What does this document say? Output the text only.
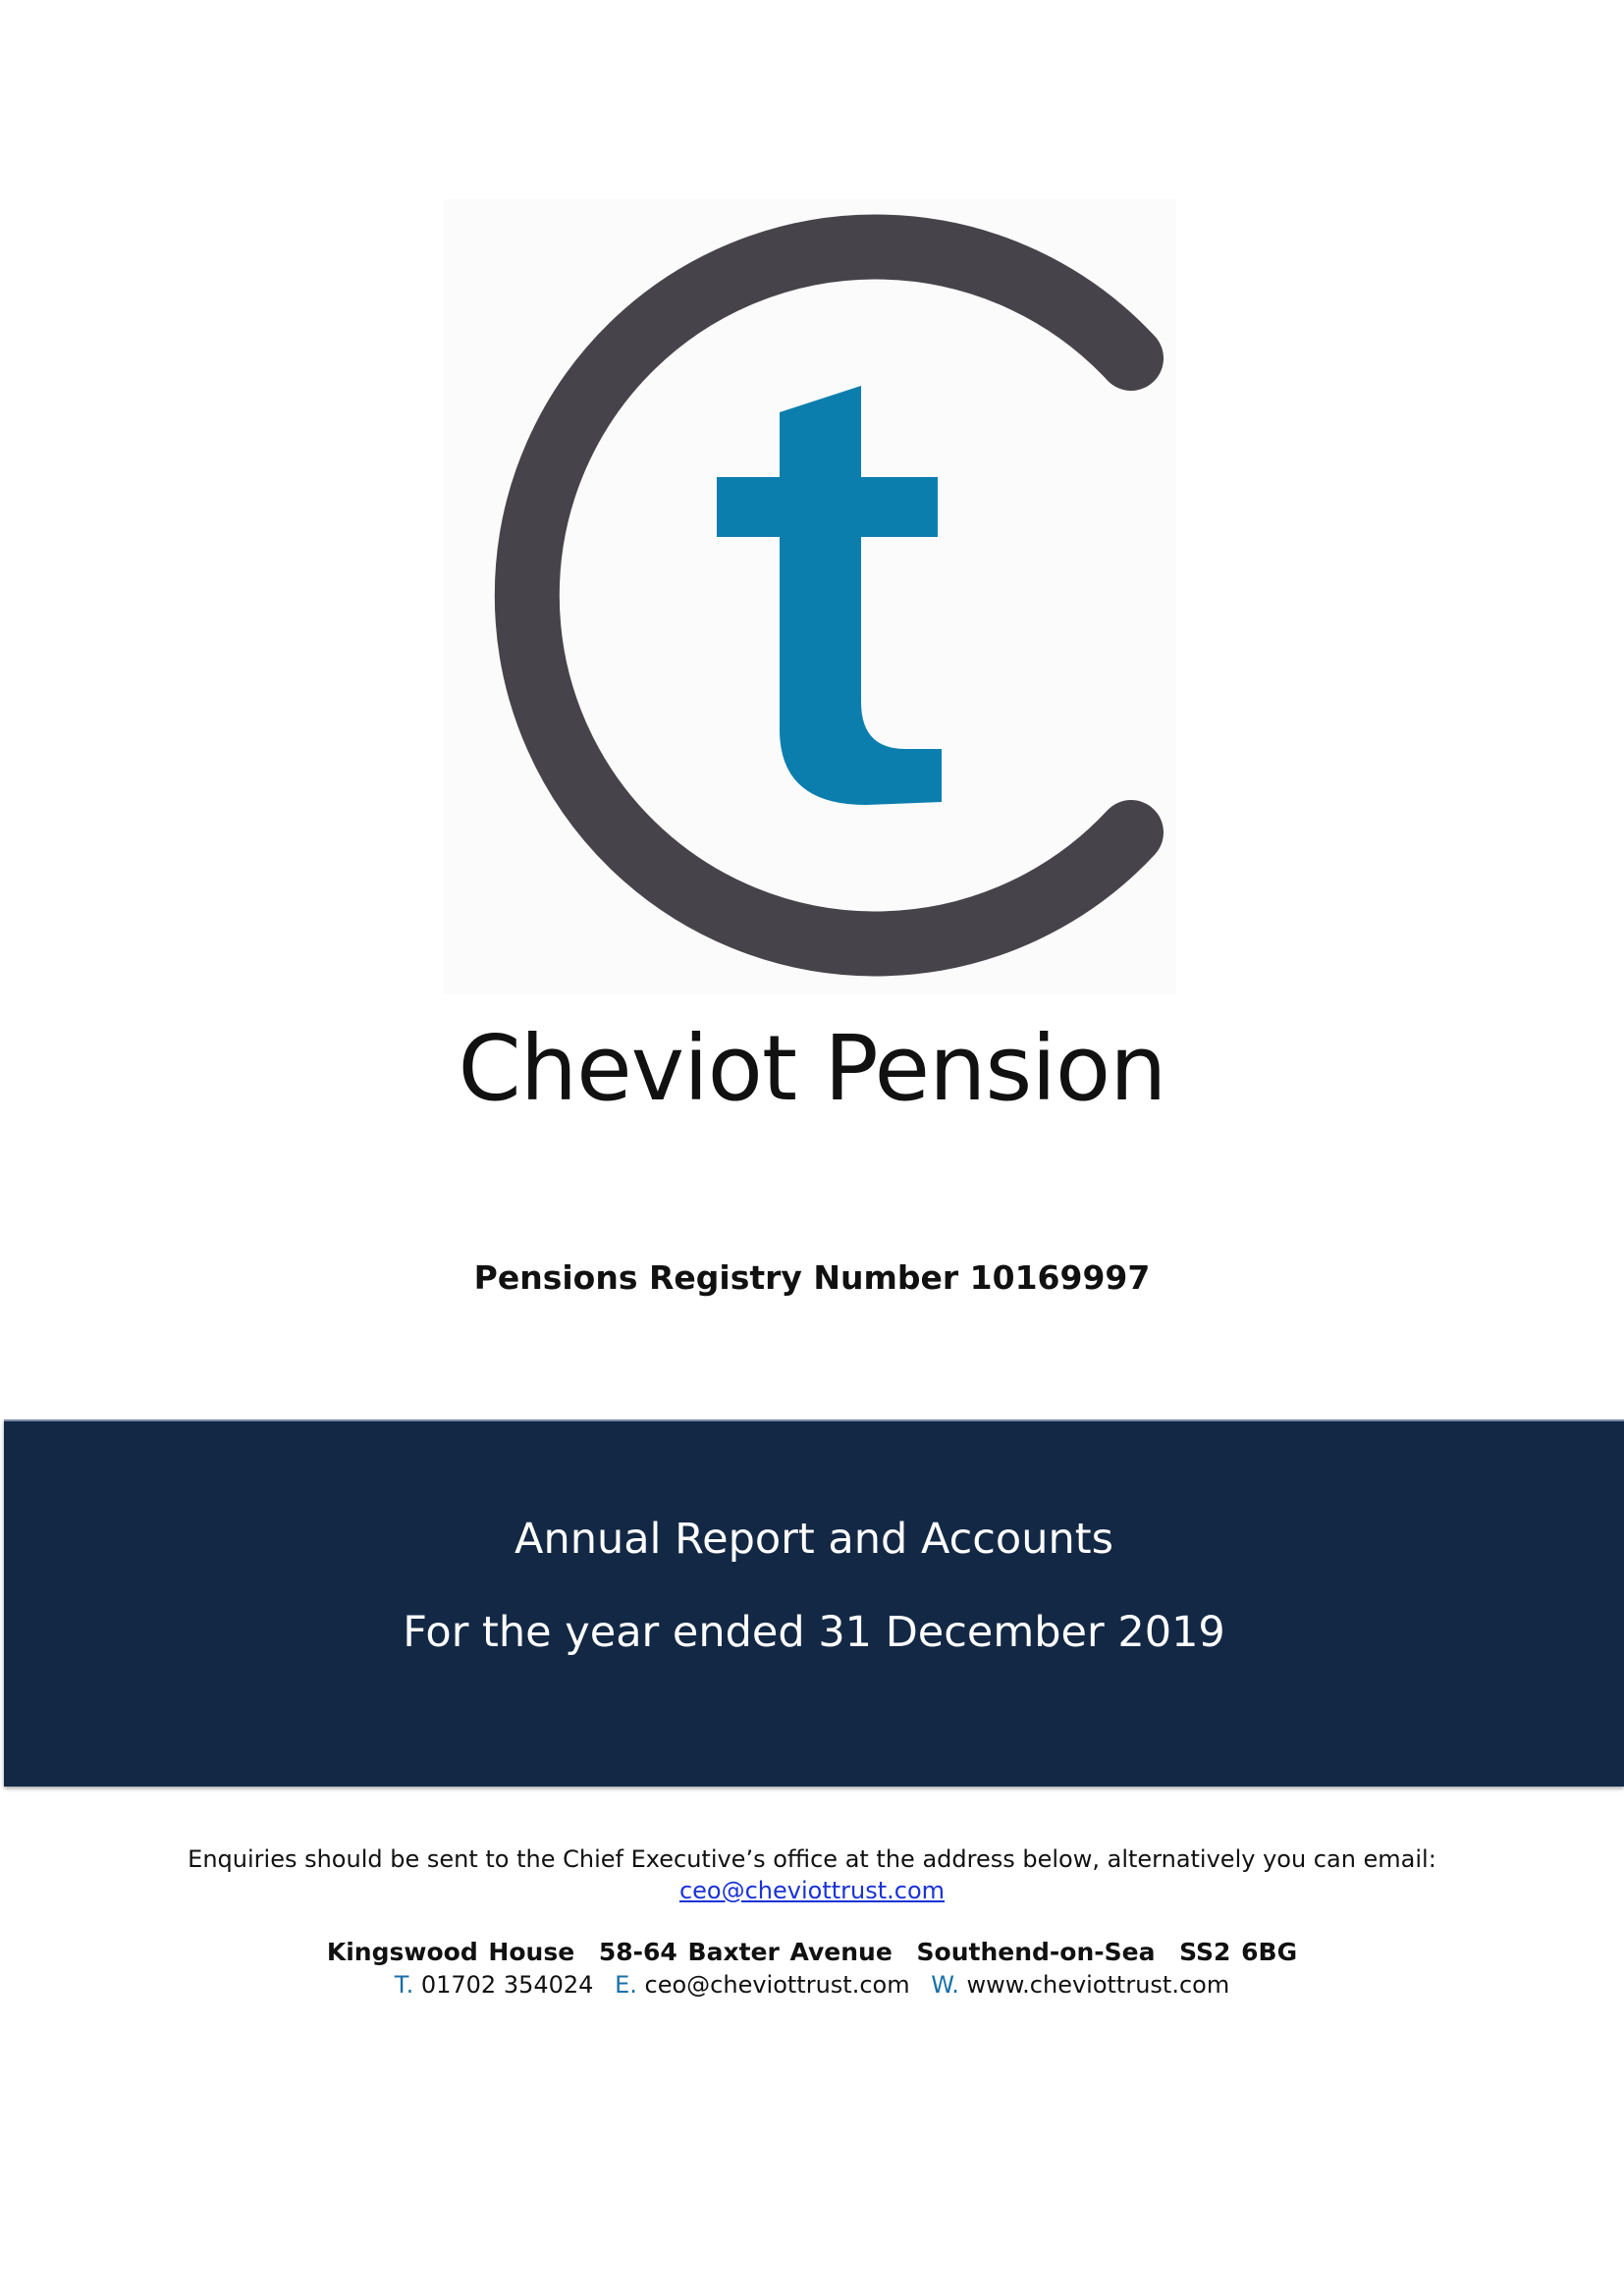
Cheviot Pension
Pensions Registry Number 10169997
Annual Report and Accounts
For the year ended 31 December 2019
Enquiries should be sent to the Chief Executive’s office at the address below, alternatively you can email:
ceo@cheviottrust.com
Kingswood House 58-64 Baxter Avenue Southend-on-Sea SS2 6BG
T. 01702 354024 E. ceo@cheviottrust.com W. www.cheviottrust.com
